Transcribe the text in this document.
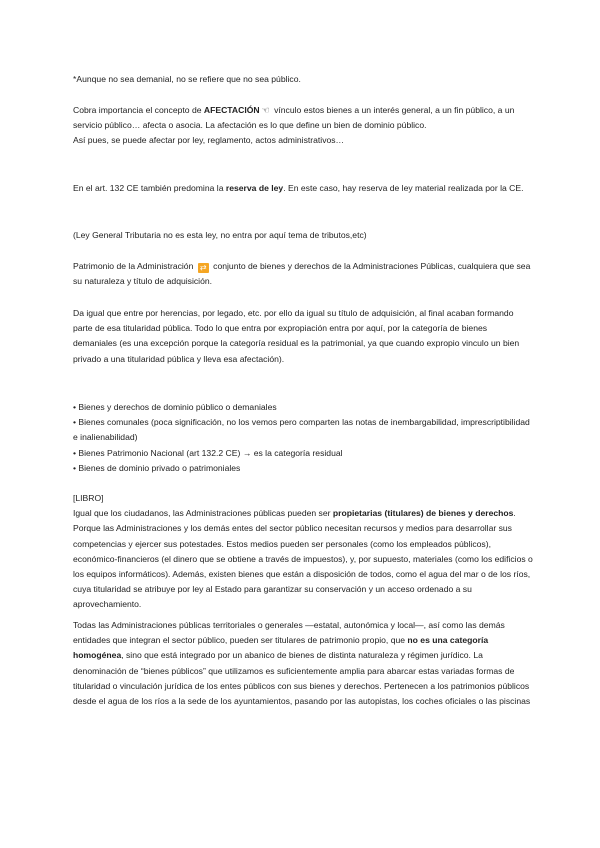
*Aunque no sea demanial, no se refiere que no sea público.

Cobra importancia el concepto de AFECTACIÓN ☜ vínculo estos bienes a un interés general, a un fin público, a un servicio público… afecta o asocia. La afectación es lo que define un bien de dominio público.

Así pues, se puede afectar por ley, reglamento, actos administrativos…

En el art. 132 CE también predomina la reserva de ley. En este caso, hay reserva de ley material realizada por la CE.

(Ley General Tributaria no es esta ley, no entra por aquí tema de tributos,etc)

Patrimonio de la Administración ⇄ conjunto de bienes y derechos de la Administraciones Públicas, cualquiera que sea su naturaleza y título de adquisición.

Da igual que entre por herencias, por legado, etc. por ello da igual su título de adquisición, al final acaban formando parte de esa titularidad pública. Todo lo que entra por expropiación entra por aquí, por la categoría de bienes demaniales (es una excepción porque la categoría residual es la patrimonial, ya que cuando expropio vinculo un bien privado a una titularidad pública y lleva esa afectación).

• Bienes y derechos de dominio público o demaniales
• Bienes comunales (poca significación, no los vemos pero comparten las notas de inembargabilidad, imprescriptibilidad e inalienabilidad)
• Bienes Patrimonio Nacional (art 132.2 CE) → es la categoría residual
• Bienes de dominio privado o patrimoniales

[LIBRO]

Igual que los ciudadanos, las Administraciones públicas pueden ser propietarias (titulares) de bienes y derechos. Porque las Administraciones y los demás entes del sector público necesitan recursos y medios para desarrollar sus competencias y ejercer sus potestades. Estos medios pueden ser personales (como los empleados públicos), económico-financieros (el dinero que se obtiene a través de impuestos), y, por supuesto, materiales (como los edificios o los equipos informáticos). Además, existen bienes que están a disposición de todos, como el agua del mar o de los ríos, cuya titularidad se atribuye por ley al Estado para garantizar su conservación y un acceso ordenado a su aprovechamiento.

Todas las Administraciones públicas territoriales o generales —estatal, autonómica y local—, así como las demás entidades que integran el sector público, pueden ser titulares de patrimonio propio, que no es una categoría homogénea, sino que está integrado por un abanico de bienes de distinta naturaleza y régimen jurídico. La denominación de “bienes públicos” que utilizamos es suficientemente amplia para abarcar estas variadas formas de titularidad o vinculación jurídica de los entes públicos con sus bienes y derechos. Pertenecen a los patrimonios públicos desde el agua de los ríos a la sede de los ayuntamientos, pasando por las autopistas, los coches oficiales o las piscinas
